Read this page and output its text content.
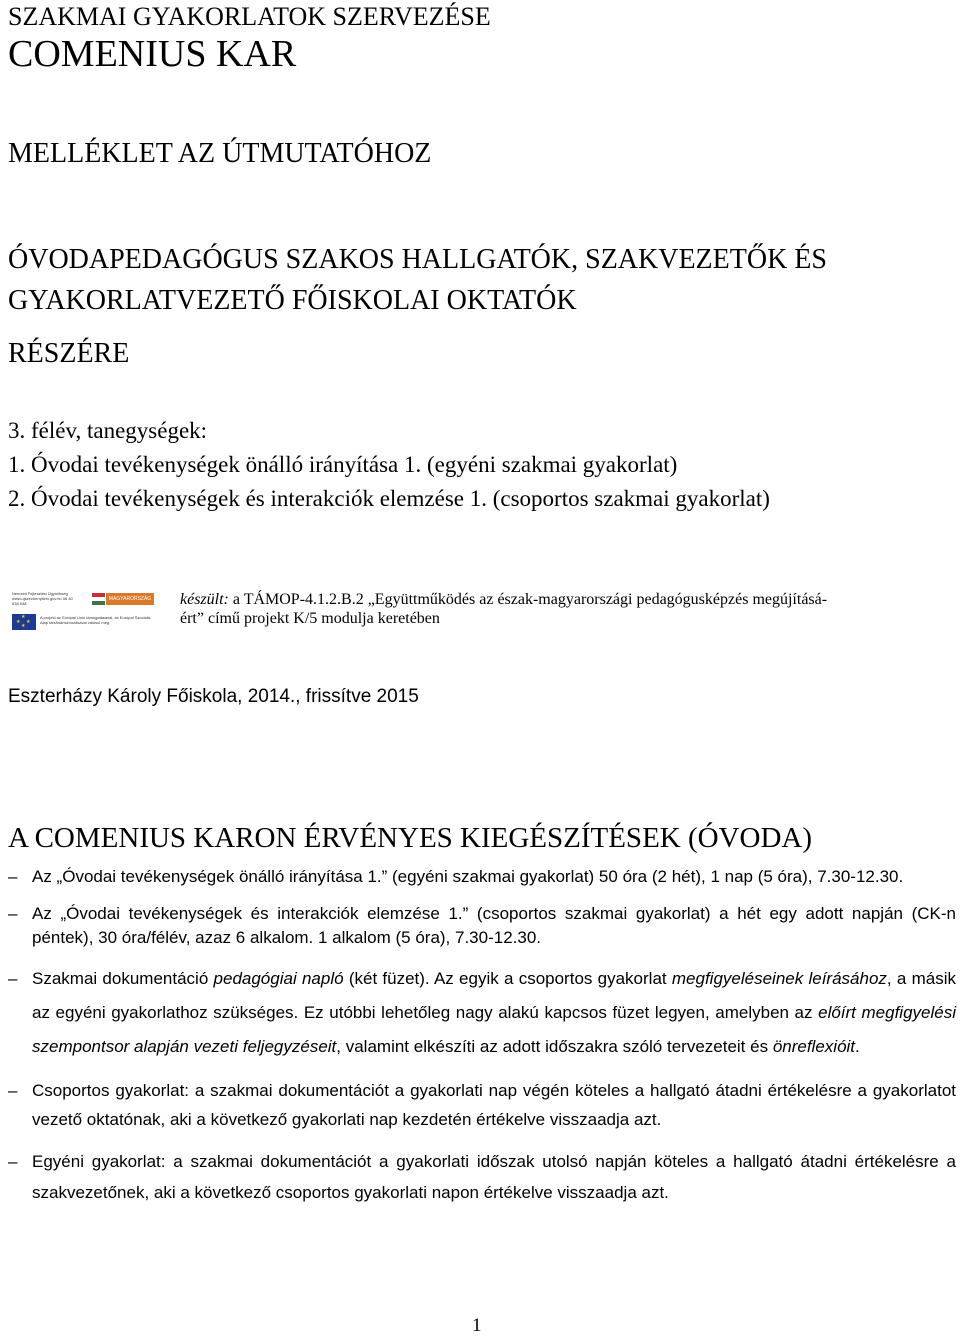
SZAKMAI GYAKORLATOK SZERVEZÉSE
COMENIUS KAR
MELLÉKLET AZ ÚTMUTATÓHOZ
ÓVODAPEDAGÓGUS SZAKOS HALLGATÓK, SZAKVEZETŐK ÉS
GYAKORLATVEZETŐ FŐISKOLAI OKTATÓK
RÉSZÉRE
3. félév, tanegységek:
1. Óvodai tevékenységek önálló irányítása 1. (egyéni szakmai gyakorlat)
2. Óvodai tevékenységek és interakciók elemzése 1. (csoportos szakmai gyakorlat)
Nemzeti Fejlesztési Ügynökség www.ujszechenyiterv.gov.hu 06 40 638 638
MAGYARORSZÁG MEGÚJUL
★
★ ★
★
A projekt az Európai Unió támogatásával, az Európai Szociális Alap társfinanszírozásával valósul meg.
készült: a TÁMOP-4.1.2.B.2 „Együttműködés az észak-magyarországi pedagógusképzés megújításá-
ért” című projekt K/5 modulja keretében
Eszterházy Károly Főiskola, 2014., frissítve 2015
A COMENIUS KARON ÉRVÉNYES KIEGÉSZÍTÉSEK (ÓVODA)
– Az „Óvodai tevékenységek önálló irányítása 1.” (egyéni szakmai gyakorlat) 50 óra (2 hét), 1 nap (5 óra), 7.30-12.30.
– Az „Óvodai tevékenységek és interakciók elemzése 1.” (csoportos szakmai gyakorlat) a hét egy adott napján (CK-n péntek), 30 óra/félév, azaz 6 alkalom. 1 alkalom (5 óra), 7.30-12.30.
– Szakmai dokumentáció pedagógiai napló (két füzet). Az egyik a csoportos gyakorlat megfigyeléseinek leírásához, a másik az egyéni gyakorlathoz szükséges. Ez utóbbi lehetőleg nagy alakú kapcsos füzet legyen, amelyben az előírt megfigyelési szempontsor alapján vezeti feljegyzéseit, valamint elkészíti az adott időszakra szóló tervezeteit és önreflexióit.
– Csoportos gyakorlat: a szakmai dokumentációt a gyakorlati nap végén köteles a hallgató átadni értékelésre a gyakorlatot vezető oktatónak, aki a következő gyakorlati nap kezdetén értékelve visszaadja azt.
– Egyéni gyakorlat: a szakmai dokumentációt a gyakorlati időszak utolsó napján köteles a hallgató átadni értékelésre a szakvezetőnek, aki a következő csoportos gyakorlati napon értékelve visszaadja azt.
1
